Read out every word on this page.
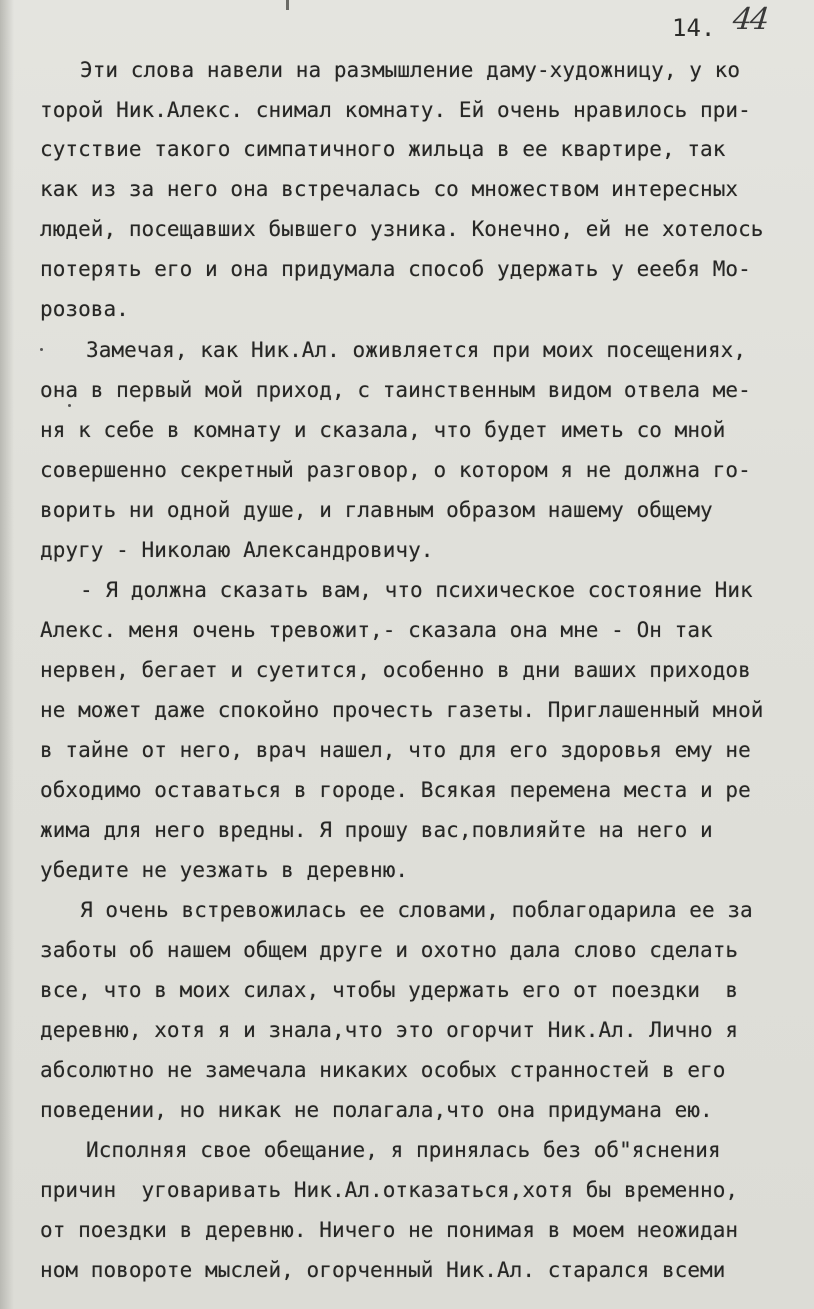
14. 44
Эти слова навели на размышление даму-художницу, у ко
торой Ник.Алекс. снимал комнату. Ей очень нравилось при-
сутствие такого симпатичного жильца в ее квартире, так
как из за него она встречалась со множеством интересных
людей, посещавших бывшего узника. Конечно, ей не хотелось
потерять его и она придумала способ удержать у ееебя Мо-
розова.
Замечая, как Ник.Ал. оживляется при моих посещениях,
она в первый мой приход, с таинственным видом отвела ме-
ня к себе в комнату и сказала, что будет иметь со мной
совершенно секретный разговор, о котором я не должна го-
ворить ни одной душе, и главным образом нашему общему
другу - Николаю Александровичу.
- Я должна сказать вам, что психическое состояние Ник
Алекс. меня очень тревожит,- сказала она мне - Он так
нервен, бегает и суетится, особенно в дни ваших приходов
не может даже спокойно прочесть газеты. Приглашенный мной
в тайне от него, врач нашел, что для его здоровья ему не
обходимо оставаться в городе. Всякая перемена места и ре
жима для него вредны. Я прошу вас,повлияйте на него и
убедите не уезжать в деревню.
Я очень встревожилась ее словами, поблагодарила ее за
заботы об нашем общем друге и охотно дала слово сделать
все, что в моих силах, чтобы удержать его от поездки  в
деревню, хотя я и знала,что это огорчит Ник.Ал. Лично я
абсолютно не замечала никаких особых странностей в его
поведении, но никак не полагала,что она придумана ею.
Исполняя свое обещание, я принялась без об"яснения
причин  уговаривать Ник.Ал.отказаться,хотя бы временно,
от поездки в деревню. Ничего не понимая в моем неожидан
ном повороте мыслей, огорченный Ник.Ал. старался всеми
